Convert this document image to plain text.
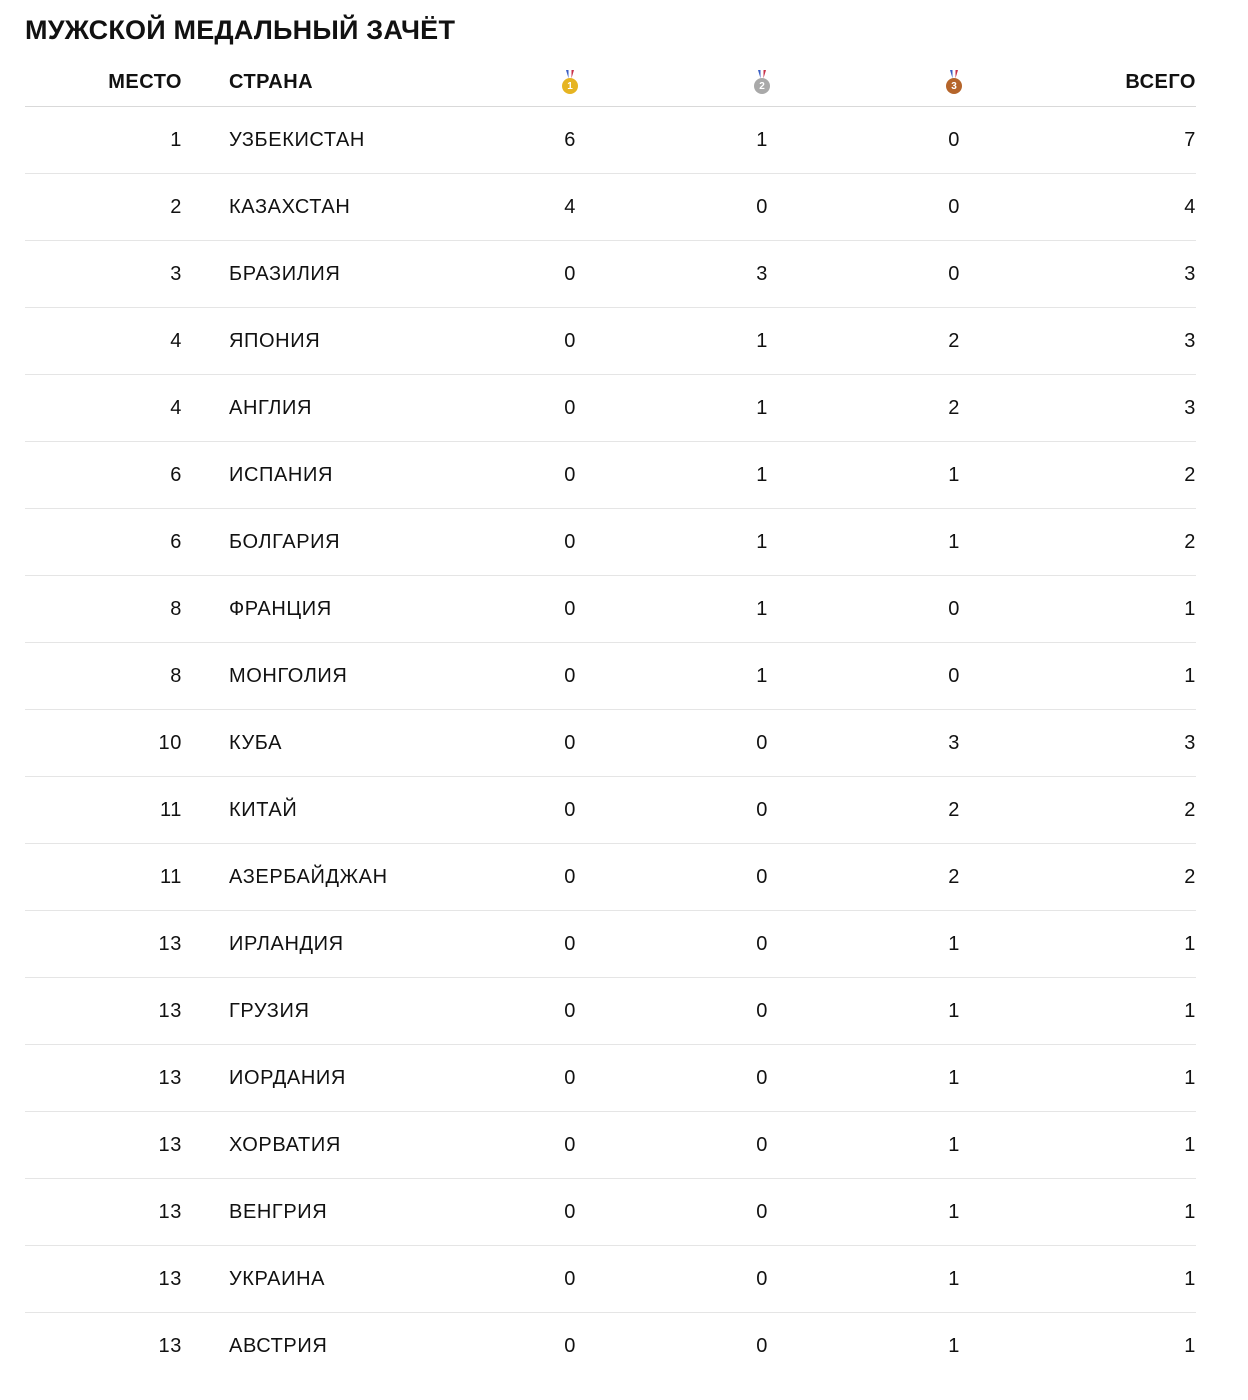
МУЖСКОЙ МЕДАЛЬНЫЙ ЗАЧЁТ
МЕСТО	СТРАНА	1	2	3	ВСЕГО
1	УЗБЕКИСТАН	6	1	0	7
2	КАЗАХСТАН	4	0	0	4
3	БРАЗИЛИЯ	0	3	0	3
4	ЯПОНИЯ	0	1	2	3
4	АНГЛИЯ	0	1	2	3
6	ИСПАНИЯ	0	1	1	2
6	БОЛГАРИЯ	0	1	1	2
8	ФРАНЦИЯ	0	1	0	1
8	МОНГОЛИЯ	0	1	0	1
10	КУБА	0	0	3	3
11	КИТАЙ	0	0	2	2
11	АЗЕРБАЙДЖАН	0	0	2	2
13	ИРЛАНДИЯ	0	0	1	1
13	ГРУЗИЯ	0	0	1	1
13	ИОРДАНИЯ	0	0	1	1
13	ХОРВАТИЯ	0	0	1	1
13	ВЕНГРИЯ	0	0	1	1
13	УКРАИНА	0	0	1	1
13	АВСТРИЯ	0	0	1	1
